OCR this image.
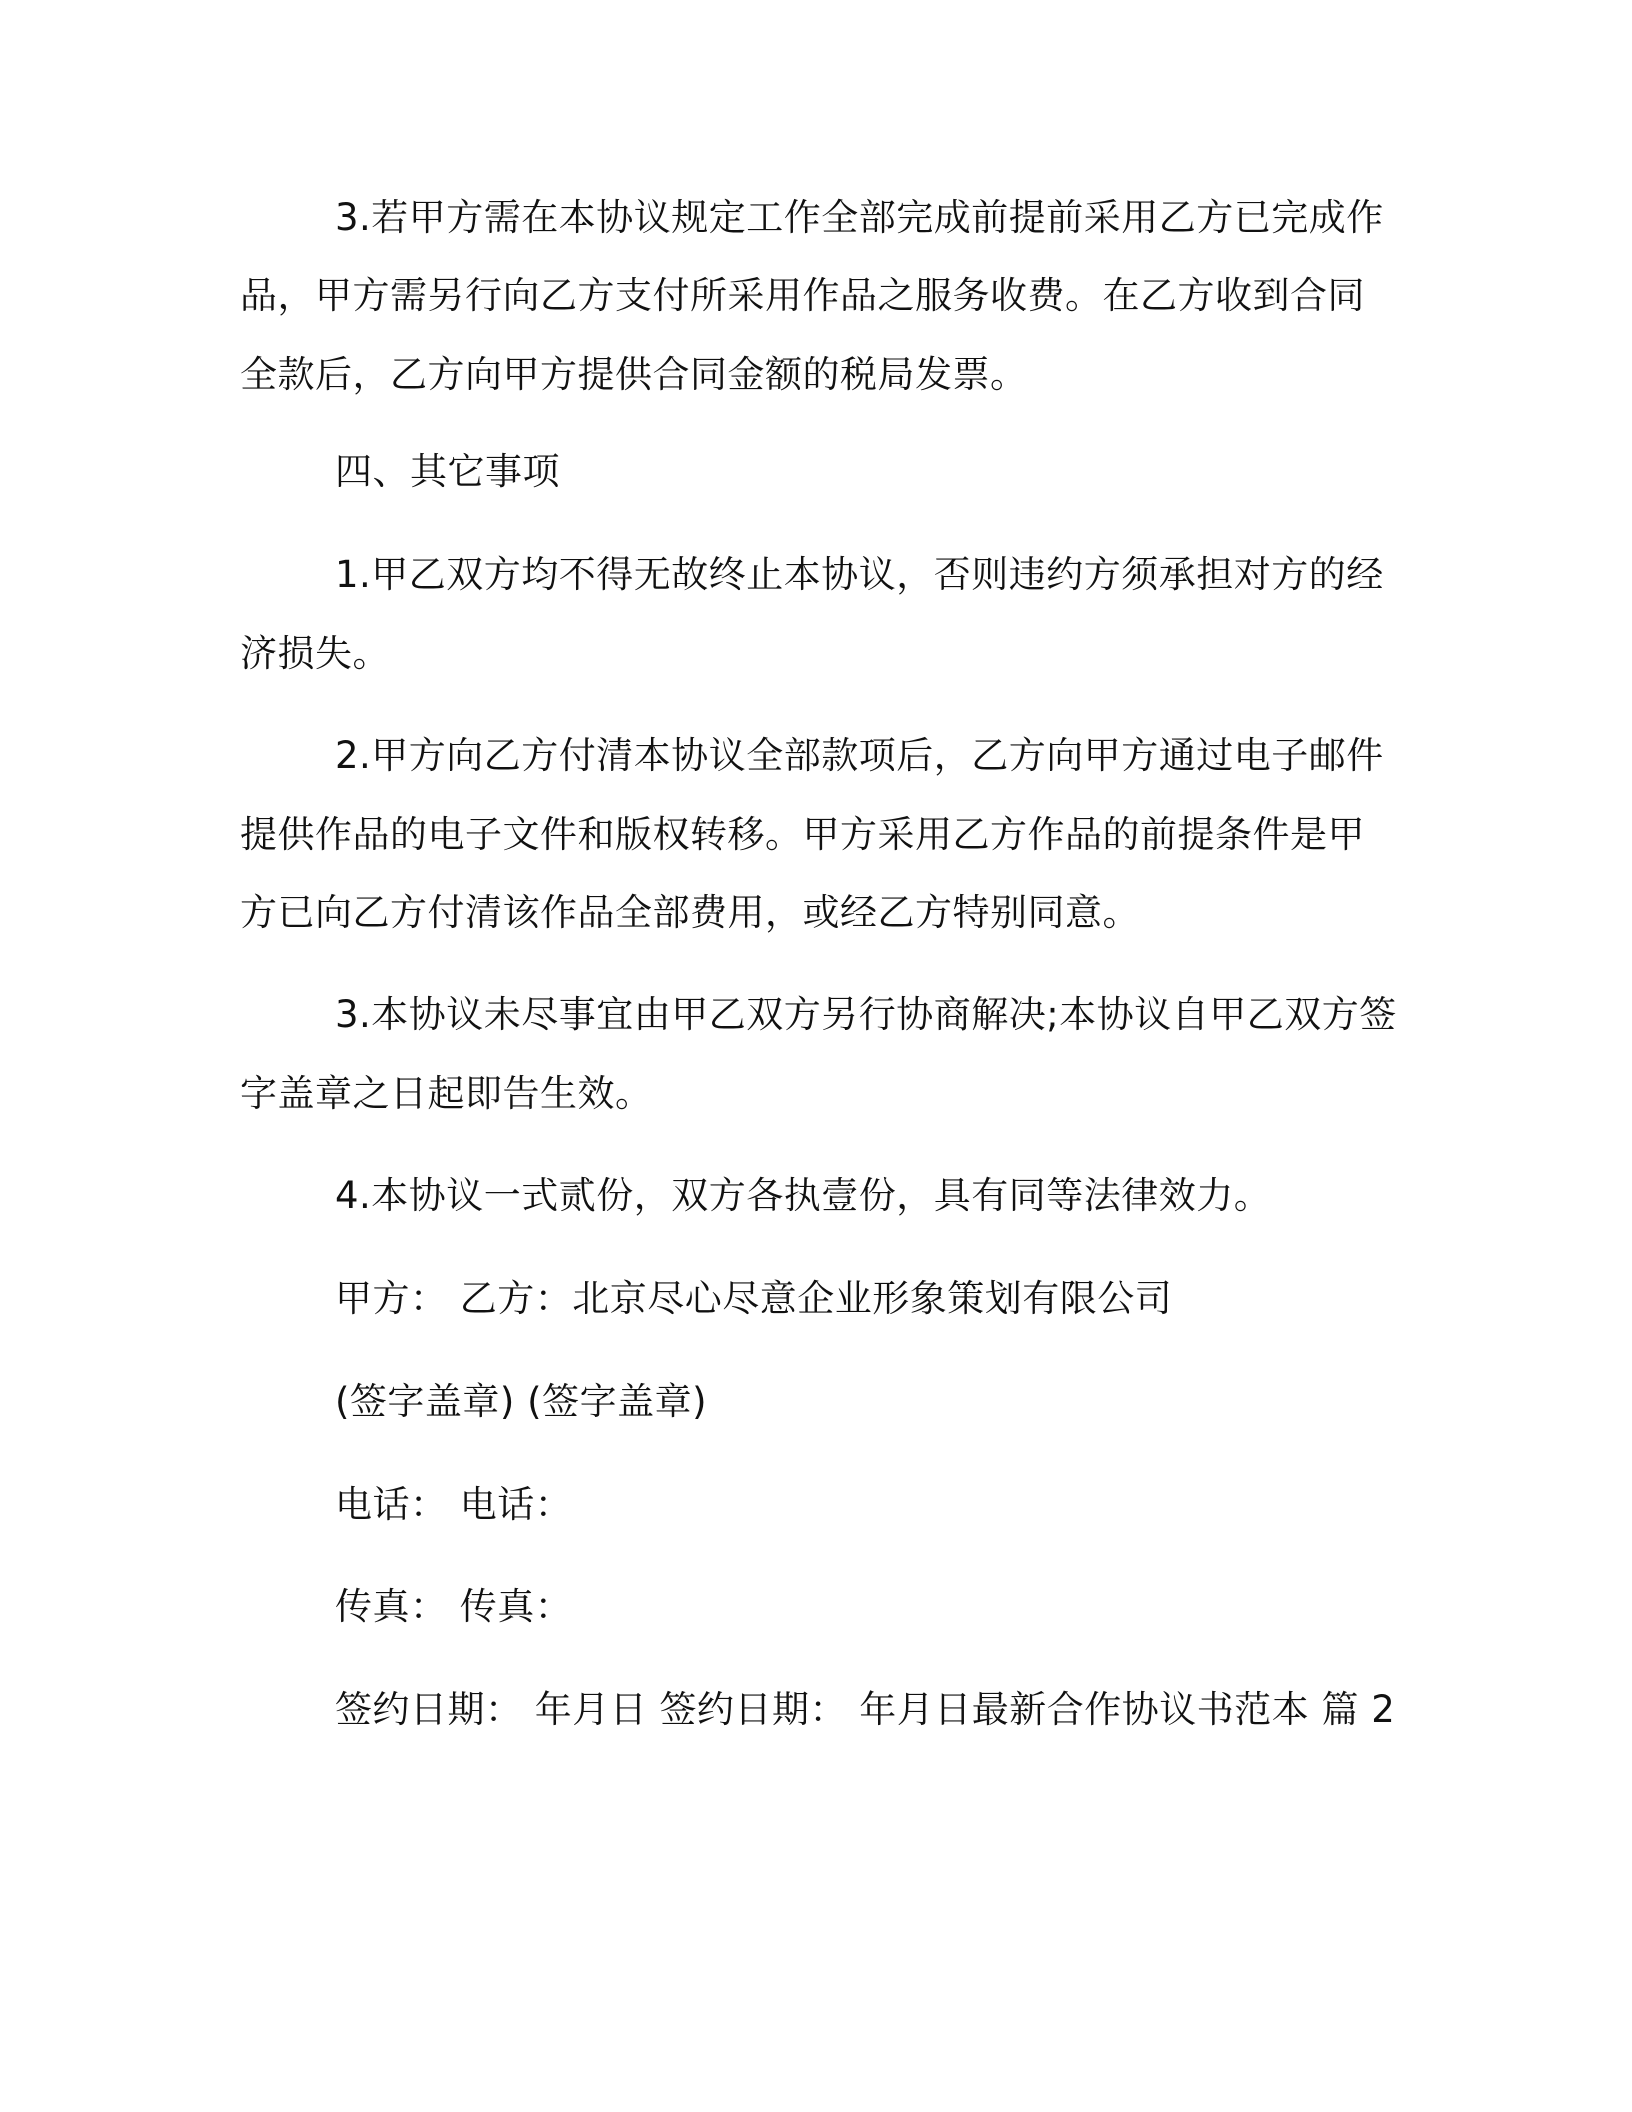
3.若甲方需在本协议规定工作全部完成前提前采用乙方已完成作
品，甲方需另行向乙方支付所采用作品之服务收费。在乙方收到合同
全款后，乙方向甲方提供合同金额的税局发票。
四、其它事项
1.甲乙双方均不得无故终止本协议，否则违约方须承担对方的经
济损失。
2.甲方向乙方付清本协议全部款项后，乙方向甲方通过电子邮件
提供作品的电子文件和版权转移。甲方采用乙方作品的前提条件是甲
方已向乙方付清该作品全部费用，或经乙方特别同意。
3.本协议未尽事宜由甲乙双方另行协商解决;本协议自甲乙双方签
字盖章之日起即告生效。
4.本协议一式贰份，双方各执壹份，具有同等法律效力。
甲方： 乙方：北京尽心尽意企业形象策划有限公司
(签字盖章) (签字盖章)
电话： 电话：
传真： 传真：
签约日期： 年月日 签约日期： 年月日最新合作协议书范本 篇 2
